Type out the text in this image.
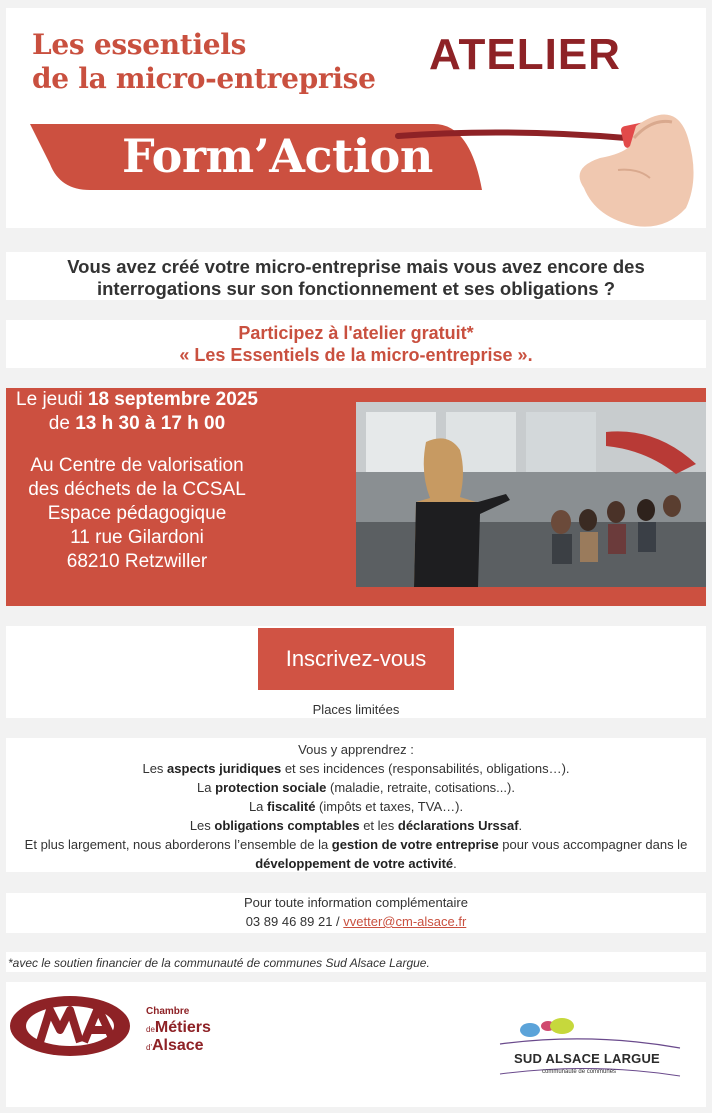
Les essentiels
de la micro-entreprise
Form’Action
ATELIER

Vous avez créé votre micro-entreprise mais vous avez encore des
interrogations sur son fonctionnement et ses obligations ?

Participez à l'atelier gratuit*
« Les Essentiels de la micro-entreprise ».

Le jeudi 18 septembre 2025
de 13 h 30 à 17 h 00
Au Centre de valorisation
des déchets de la CCSAL
Espace pédagogique
11 rue Gilardoni
68210 Retzwiller
Inscrivez-vous
Places limitées

Vous y apprendrez :
Les aspects juridiques et ses incidences (responsabilités, obligations…).
La protection sociale (maladie, retraite, cotisations...).
La fiscalité (impôts et taxes, TVA…).
Les obligations comptables et les déclarations Urssaf.
Et plus largement, nous aborderons l’ensemble de la gestion de votre entreprise pour vous accompagner dans le développement de votre activité.

Pour toute information complémentaire
03 89 46 89 21 / vvetter@cm-alsace.fr

*avec le soutien financier de la communauté de communes Sud Alsace Largue.

Chambre
deMétiers
d'Alsace
SUD ALSACE LARGUE
communauté de communes
